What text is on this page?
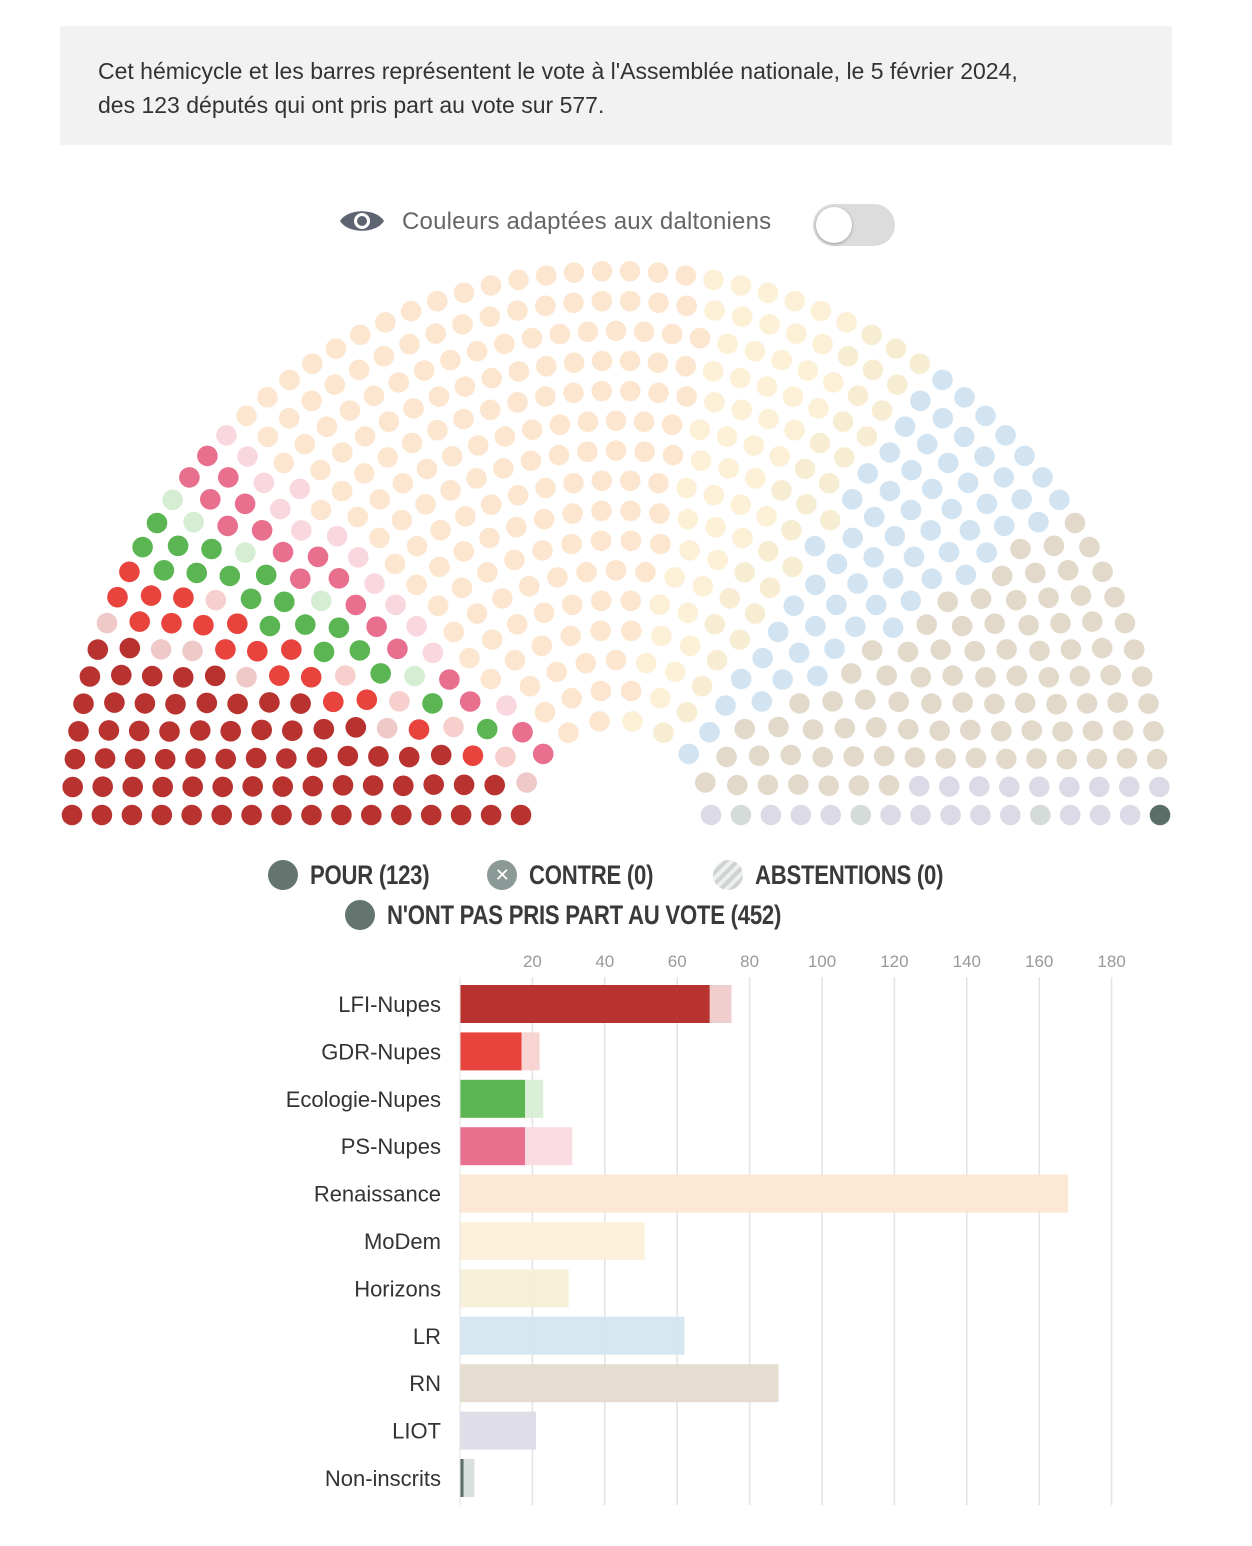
Cet hémicycle et les barres représentent le vote à l'Assemblée nationale, le 5 février 2024,
des 123 députés qui ont pris part au vote sur 577.
Couleurs adaptées aux daltoniens
POUR (123)	✕ CONTRE (0)	ABSTENTIONS (0)
N'ONT PAS PRIS PART AU VOTE (452)
20	40	60	80	100	120	140	160	180
LFI-Nupes
GDR-Nupes
Ecologie-Nupes
PS-Nupes
Renaissance
MoDem
Horizons
LR
RN
LIOT
Non-inscrits
